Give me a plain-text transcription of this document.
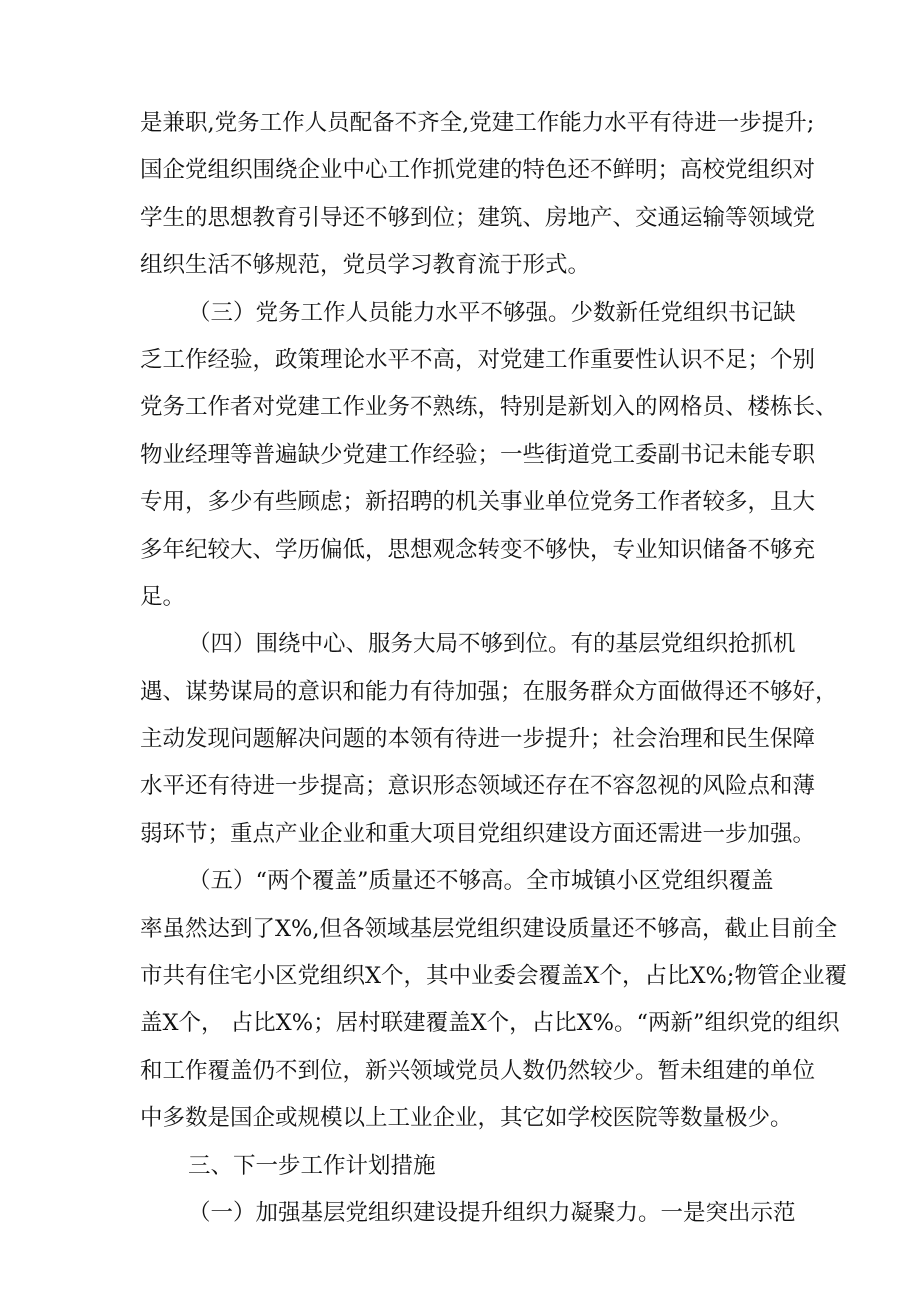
是兼职,党务工作人员配备不齐全,党建工作能力水平有待进一步提升;
国企党组织围绕企业中心工作抓党建的特色还不鲜明；高校党组织对
学生的思想教育引导还不够到位；建筑、房地产、交通运输等领域党
组织生活不够规范，党员学习教育流于形式。

（三）党务工作人员能力水平不够强。少数新任党组织书记缺
乏工作经验，政策理论水平不高，对党建工作重要性认识不足；个别
党务工作者对党建工作业务不熟练，特别是新划入的网格员、楼栋长、
物业经理等普遍缺少党建工作经验；一些街道党工委副书记未能专职
专用，多少有些顾虑；新招聘的机关事业单位党务工作者较多，且大
多年纪较大、学历偏低，思想观念转变不够快，专业知识储备不够充
足。

（四）围绕中心、服务大局不够到位。有的基层党组织抢抓机
遇、谋势谋局的意识和能力有待加强；在服务群众方面做得还不够好，
主动发现问题解决问题的本领有待进一步提升；社会治理和民生保障
水平还有待进一步提高；意识形态领域还存在不容忽视的风险点和薄
弱环节；重点产业企业和重大项目党组织建设方面还需进一步加强。

（五）“两个覆盖”质量还不够高。全市城镇小区党组织覆盖
率虽然达到了X%,但各领域基层党组织建设质量还不够高，截止目前全
市共有住宅小区党组织X个，其中业委会覆盖X个，占比X%;物管企业覆
盖X个， 占比X%；居村联建覆盖X个，占比X%。“两新”组织党的组织
和工作覆盖仍不到位，新兴领域党员人数仍然较少。暂未组建的单位
中多数是国企或规模以上工业企业，其它如学校医院等数量极少。

三、下一步工作计划措施

（一）加强基层党组织建设提升组织力凝聚力。一是突出示范
